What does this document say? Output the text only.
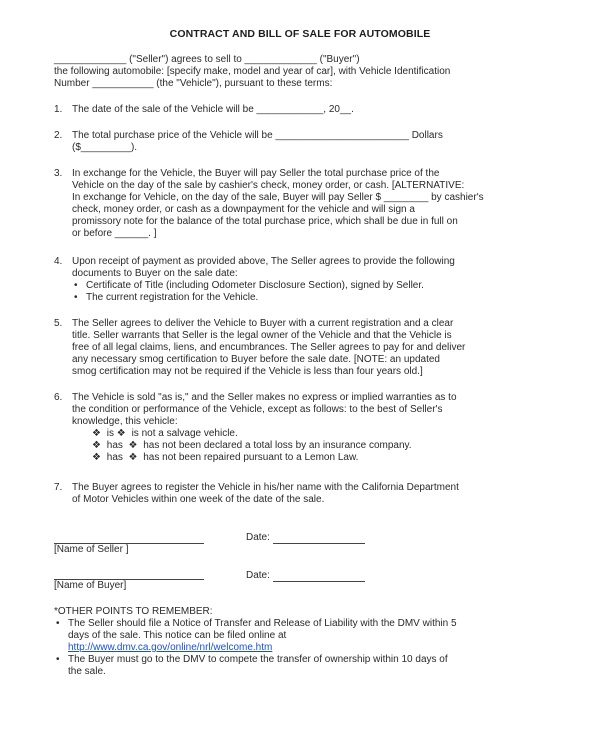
CONTRACT AND BILL OF SALE FOR AUTOMOBILE
_____________ ("Seller") agrees to sell to _____________ ("Buyer")
the following automobile: [specify make, model and year of car], with Vehicle Identification
Number ___________ (the "Vehicle"), pursuant to these terms:
1. The date of the sale of the Vehicle will be ____________, 20__.
2. The total purchase price of the Vehicle will be ________________________ Dollars
($_________).
3. In exchange for the Vehicle, the Buyer will pay Seller the total purchase price of the
Vehicle on the day of the sale by cashier's check, money order, or cash. [ALTERNATIVE:
In exchange for Vehicle, on the day of the sale, Buyer will pay Seller $ ________ by cashier's
check, money order, or cash as a downpayment for the vehicle and will sign a
promissory note for the balance of the total purchase price, which shall be due in full on
or before ______. ]
4. Upon receipt of payment as provided above, The Seller agrees to provide the following
documents to Buyer on the sale date:
• Certificate of Title (including Odometer Disclosure Section), signed by Seller.
• The current registration for the Vehicle.
5. The Seller agrees to deliver the Vehicle to Buyer with a current registration and a clear
title. Seller warrants that Seller is the legal owner of the Vehicle and that the Vehicle is
free of all legal claims, liens, and encumbrances. The Seller agrees to pay for and deliver
any necessary smog certification to Buyer before the sale date. [NOTE: an updated
smog certification may not be required if the Vehicle is less than four years old.]
6. The Vehicle is sold "as is," and the Seller makes no express or implied warranties as to
the condition or performance of the Vehicle, except as follows: to the best of Seller's
knowledge, this vehicle:
❖ is ❖ is not a salvage vehicle.
❖ has ❖ has not been declared a total loss by an insurance company.
❖ has ❖ has not been repaired pursuant to a Lemon Law.
7. The Buyer agrees to register the Vehicle in his/her name with the California Department
of Motor Vehicles within one week of the date of the sale.
[Name of Seller ]
Date:
[Name of Buyer]
Date:
*OTHER POINTS TO REMEMBER:
• The Seller should file a Notice of Transfer and Release of Liability with the DMV within 5
days of the sale. This notice can be filed online at
http://www.dmv.ca.gov/online/nrl/welcome.htm
• The Buyer must go to the DMV to compete the transfer of ownership within 10 days of
the sale.
